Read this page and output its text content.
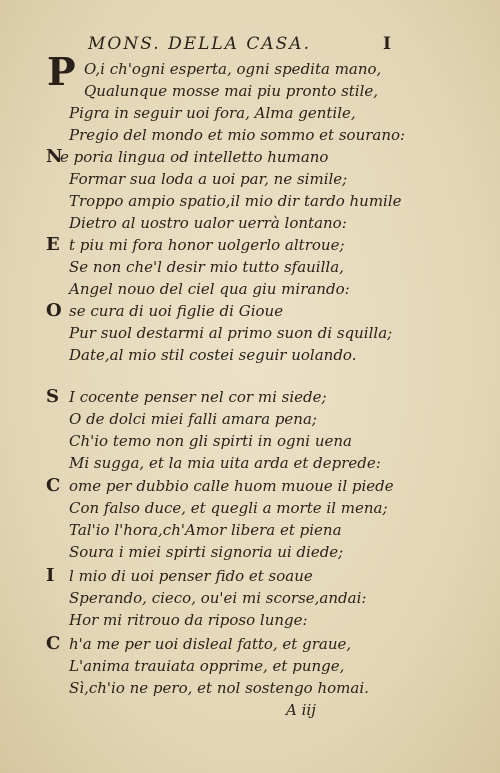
MONS. DELLA CASA.	I
P O,i ch'ogni esperta, ogni spedita mano,
Qualunque mosse mai piu pronto stile,
Pigra in seguir uoi fora, Alma gentile,
Pregio del mondo et mio sommo et sourano:
N
e poria lingua od intelletto humano
Formar sua loda a uoi par, ne simile;
Troppo ampio spatio,il mio dir tardo humile
Dietro al uostro ualor uerrà lontano:
E t piu mi fora honor uolgerlo altroue;
Se non che'l desir mio tutto sfauilla,
Angel nouo del ciel qua giu mirando:
O se cura di uoi figlie di Gioue
Pur suol destarmi al primo suon di squilla;
Date,al mio stil costei seguir uolando.
S I cocente penser nel cor mi siede;
O de dolci miei falli amara pena;
Ch'io temo non gli spirti in ogni uena
Mi sugga, et la mia uita arda et deprede:
C ome per dubbio calle huom muoue il piede
Con falso duce, et quegli a morte il mena;
Tal'io l'hora,ch'Amor libera et piena
Soura i miei spirti signoria ui diede;
I l mio di uoi penser fido et soaue
Sperando, cieco, ou'ei mi scorse,andai:
Hor mi ritrouo da riposo lunge:
C h'a me per uoi disleal fatto, et graue,
L'anima trauiata opprime, et punge,
Sì,ch'io ne pero, et nol sostengo homai.
A iij
